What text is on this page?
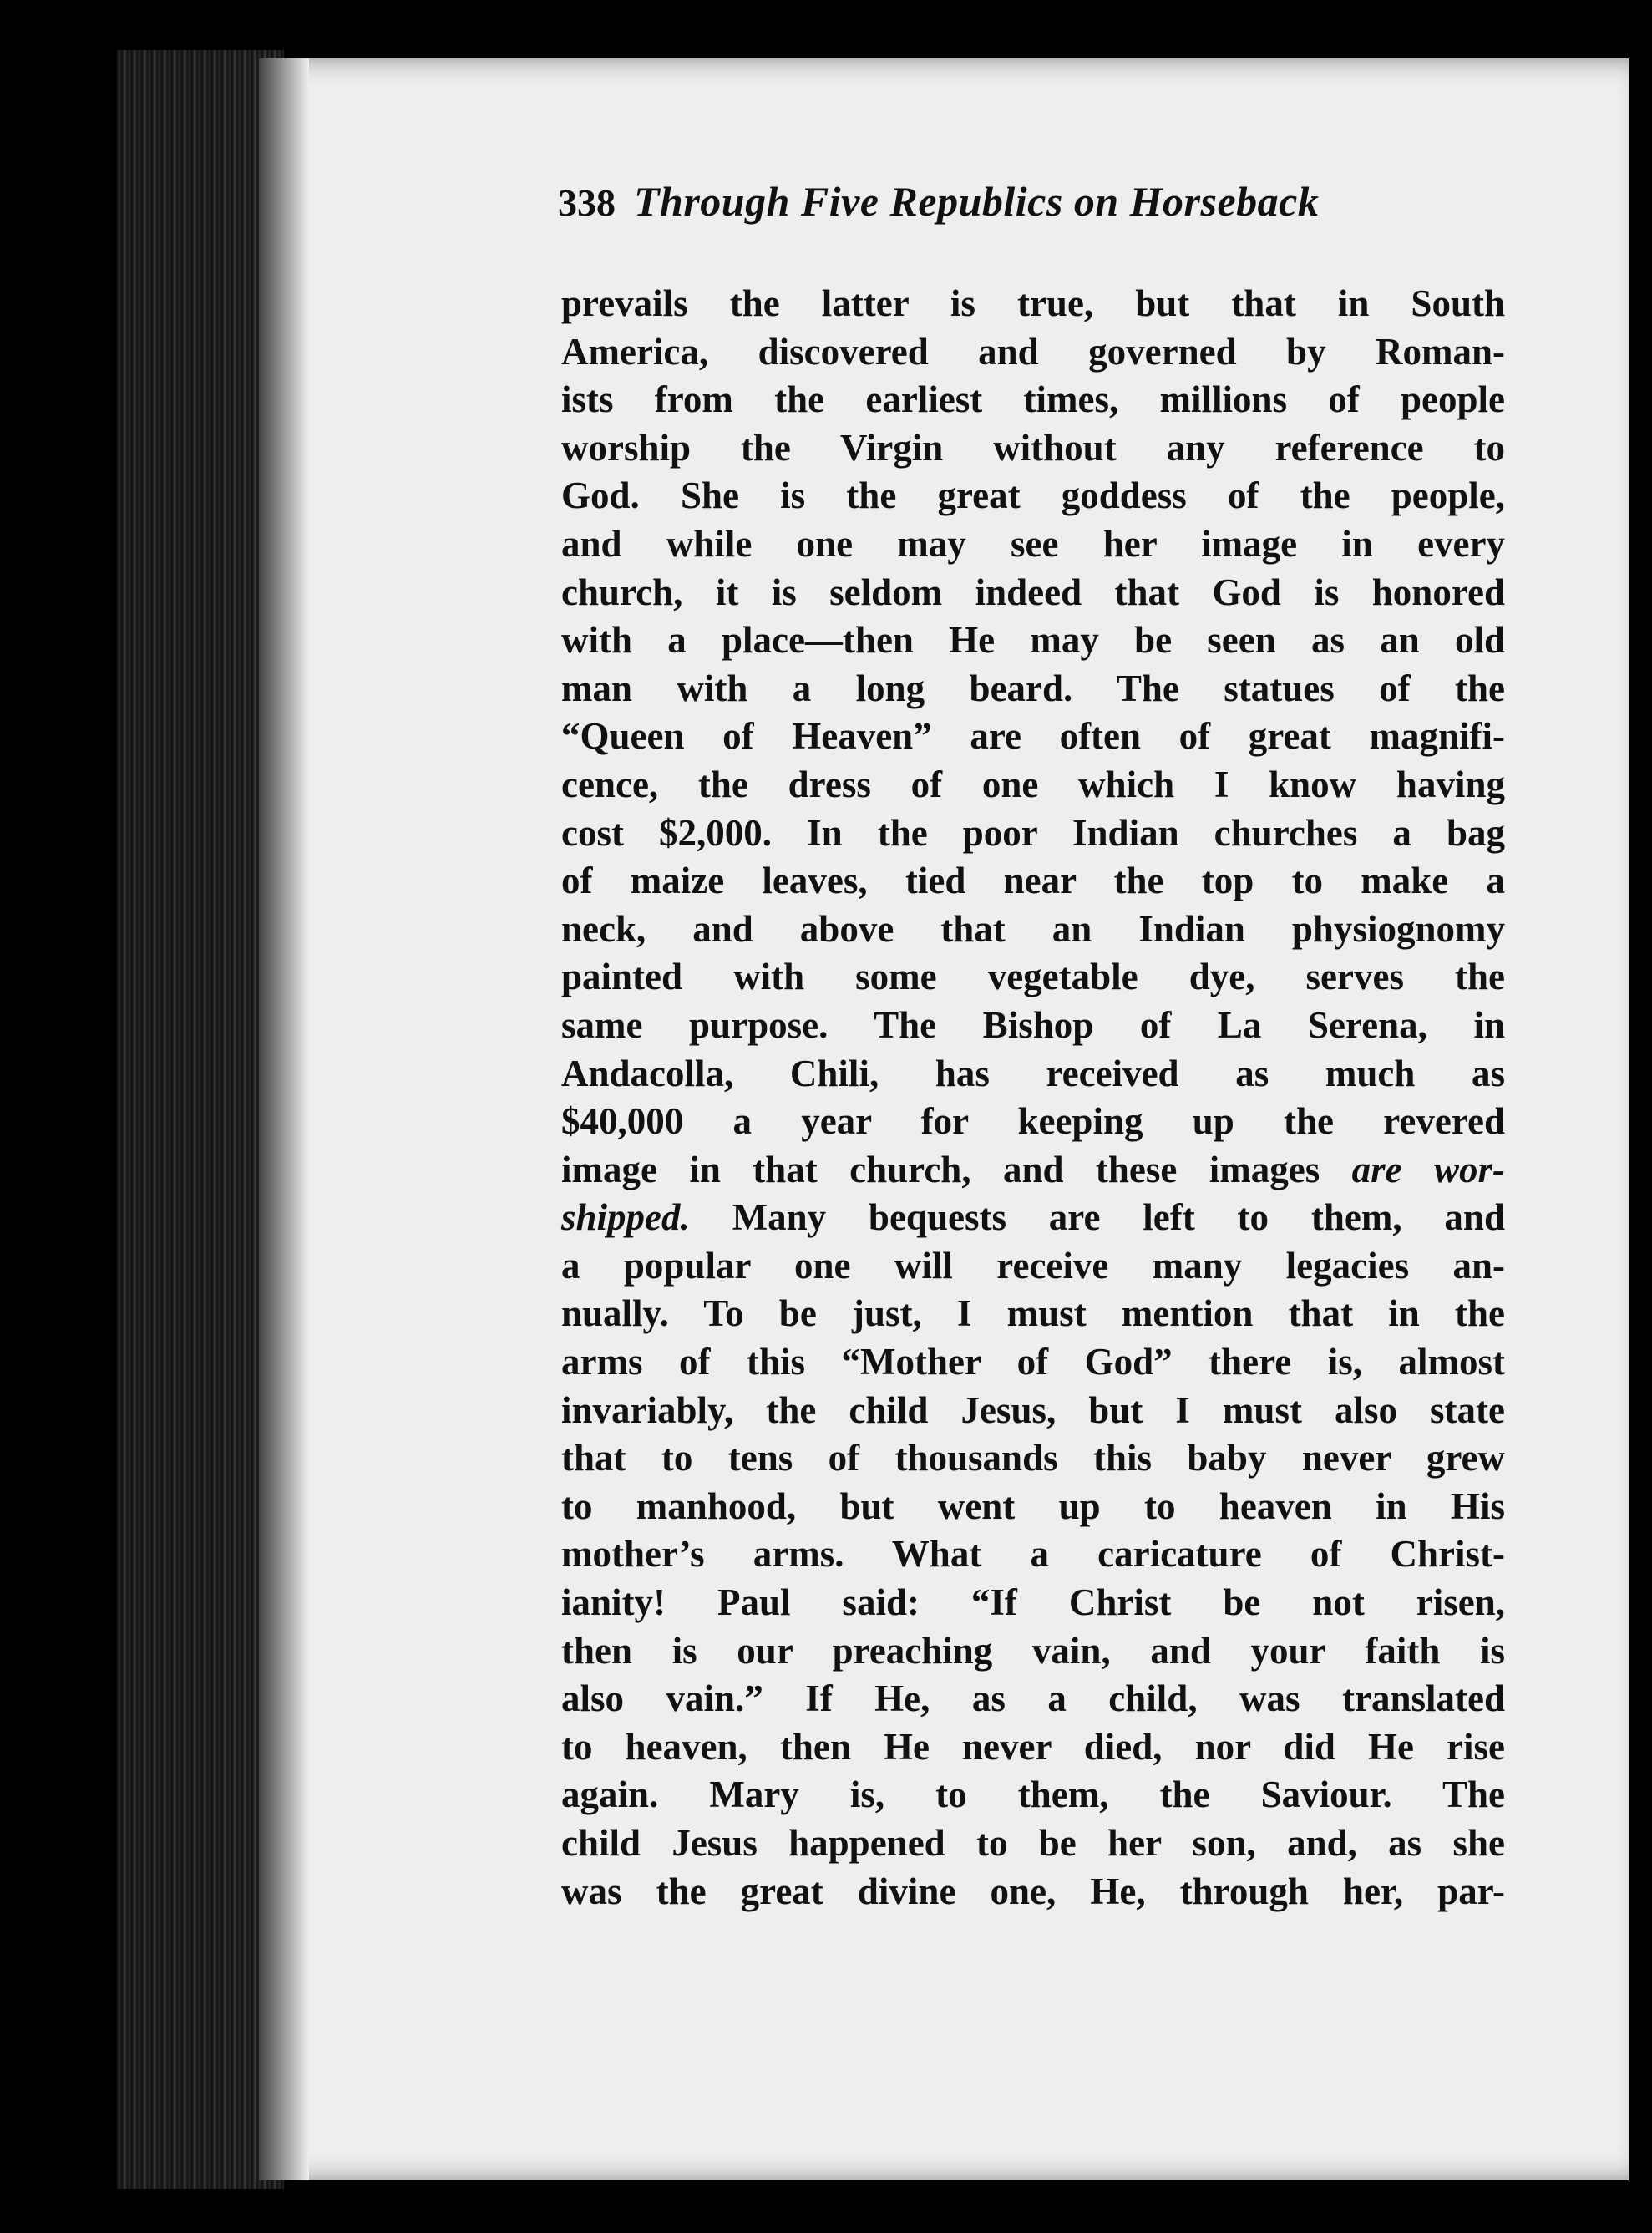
338 Through Five Republics on Horseback
prevails the latter is true, but that in South
America, discovered and governed by Roman-
ists from the earliest times, millions of people
worship the Virgin without any reference to
God. She is the great goddess of the people,
and while one may see her image in every
church, it is seldom indeed that God is honored
with a place—then He may be seen as an old
man with a long beard. The statues of the
“Queen of Heaven” are often of great magnifi-
cence, the dress of one which I know having
cost $2,000. In the poor Indian churches a bag
of maize leaves, tied near the top to make a
neck, and above that an Indian physiognomy
painted with some vegetable dye, serves the
same purpose. The Bishop of La Serena, in
Andacolla, Chili, has received as much as
$40,000 a year for keeping up the revered
image in that church, and these images are wor-
shipped. Many bequests are left to them, and
a popular one will receive many legacies an-
nually. To be just, I must mention that in the
arms of this “Mother of God” there is, almost
invariably, the child Jesus, but I must also state
that to tens of thousands this baby never grew
to manhood, but went up to heaven in His
mother’s arms. What a caricature of Christ-
ianity! Paul said: “If Christ be not risen,
then is our preaching vain, and your faith is
also vain.” If He, as a child, was translated
to heaven, then He never died, nor did He rise
again. Mary is, to them, the Saviour. The
child Jesus happened to be her son, and, as she
was the great divine one, He, through her, par-
